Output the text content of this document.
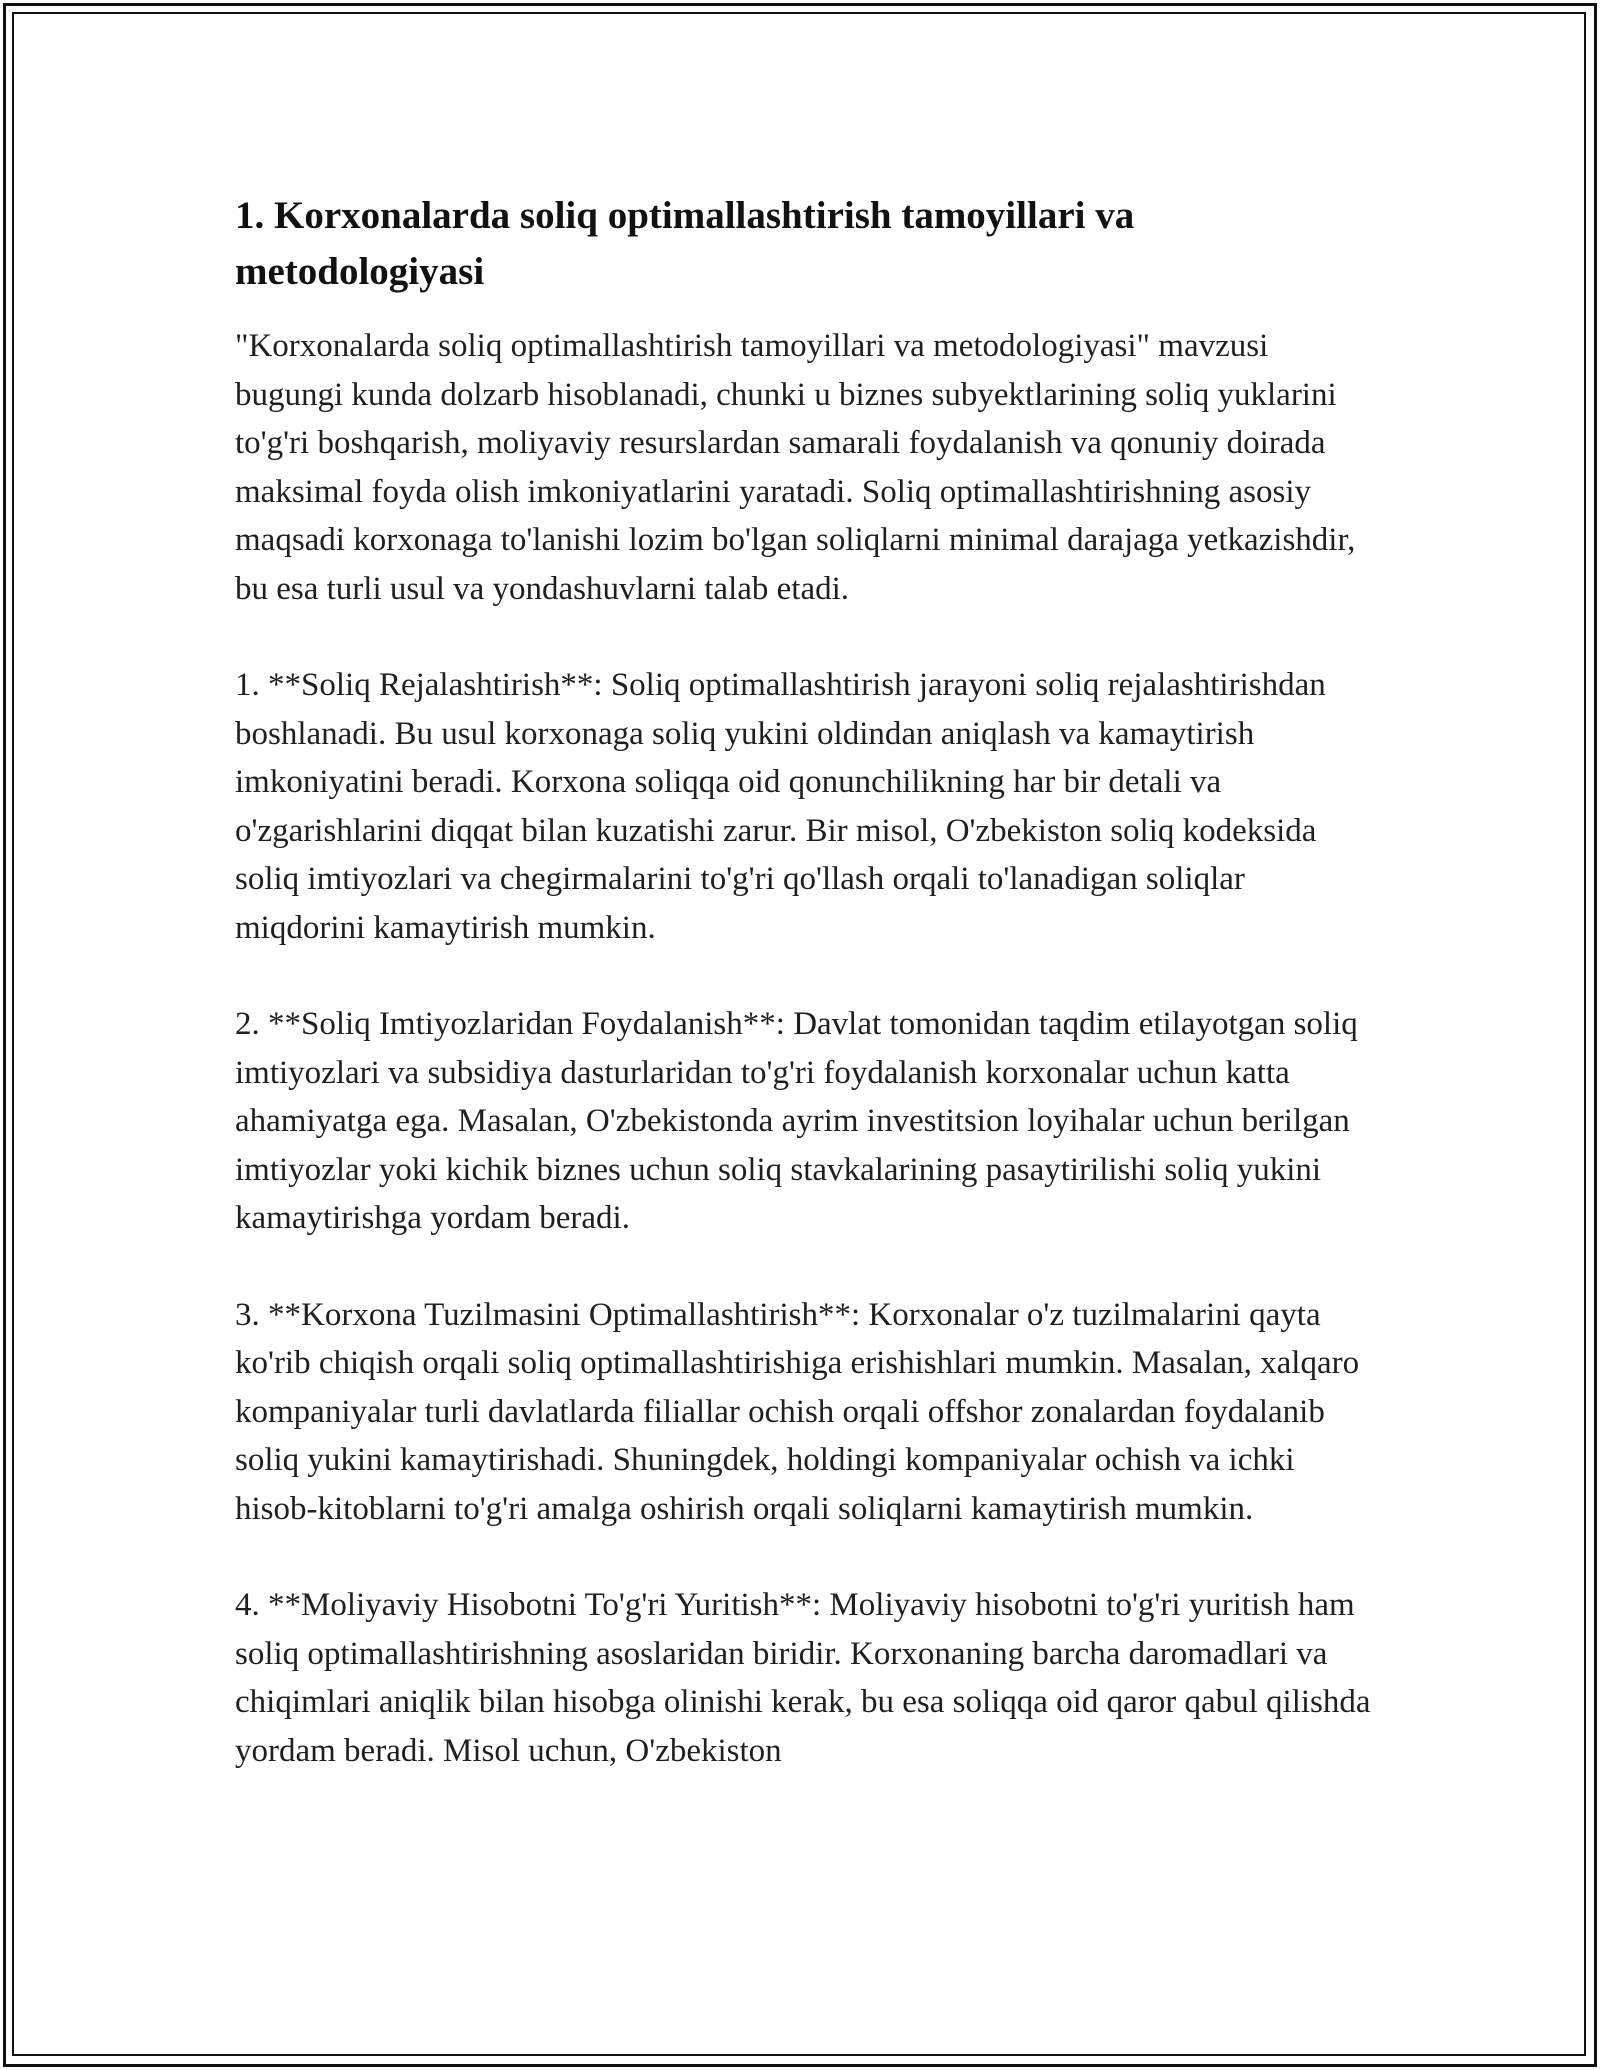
1. Korxonalarda soliq optimallashtirish tamoyillari va metodologiyasi

"Korxonalarda soliq optimallashtirish tamoyillari va metodologiyasi" mavzusi bugungi kunda dolzarb hisoblanadi, chunki u biznes subyektlarining soliq yuklarini to'g'ri boshqarish, moliyaviy resurslardan samarali foydalanish va qonuniy doirada maksimal foyda olish imkoniyatlarini yaratadi. Soliq optimallashtirishning asosiy maqsadi korxonaga to'lanishi lozim bo'lgan soliqlarni minimal darajaga yetkazishdir, bu esa turli usul va yondashuvlarni talab etadi.

1. **Soliq Rejalashtirish**: Soliq optimallashtirish jarayoni soliq rejalashtirishdan boshlanadi. Bu usul korxonaga soliq yukini oldindan aniqlash va kamaytirish imkoniyatini beradi. Korxona soliqqa oid qonunchilikning har bir detali va o'zgarishlarini diqqat bilan kuzatishi zarur. Bir misol, O'zbekiston soliq kodeksida soliq imtiyozlari va chegirmalarini to'g'ri qo'llash orqali to'lanadigan soliqlar miqdorini kamaytirish mumkin.

2. **Soliq Imtiyozlaridan Foydalanish**: Davlat tomonidan taqdim etilayotgan soliq imtiyozlari va subsidiya dasturlaridan to'g'ri foydalanish korxonalar uchun katta ahamiyatga ega. Masalan, O'zbekistonda ayrim investitsion loyihalar uchun berilgan imtiyozlar yoki kichik biznes uchun soliq stavkalarining pasaytirilishi soliq yukini kamaytirishga yordam beradi.

3. **Korxona Tuzilmasini Optimallashtirish**: Korxonalar o'z tuzilmalarini qayta ko'rib chiqish orqali soliq optimallashtirishiga erishishlari mumkin. Masalan, xalqaro kompaniyalar turli davlatlarda filiallar ochish orqali offshor zonalardan foydalanib soliq yukini kamaytirishadi. Shuningdek, holdingi kompaniyalar ochish va ichki hisob-kitoblarni to'g'ri amalga oshirish orqali soliqlarni kamaytirish mumkin.

4. **Moliyaviy Hisobotni To'g'ri Yuritish**: Moliyaviy hisobotni to'g'ri yuritish ham soliq optimallashtirishning asoslaridan biridir. Korxonaning barcha daromadlari va chiqimlari aniqlik bilan hisobga olinishi kerak, bu esa soliqqa oid qaror qabul qilishda yordam beradi. Misol uchun, O'zbekiston
